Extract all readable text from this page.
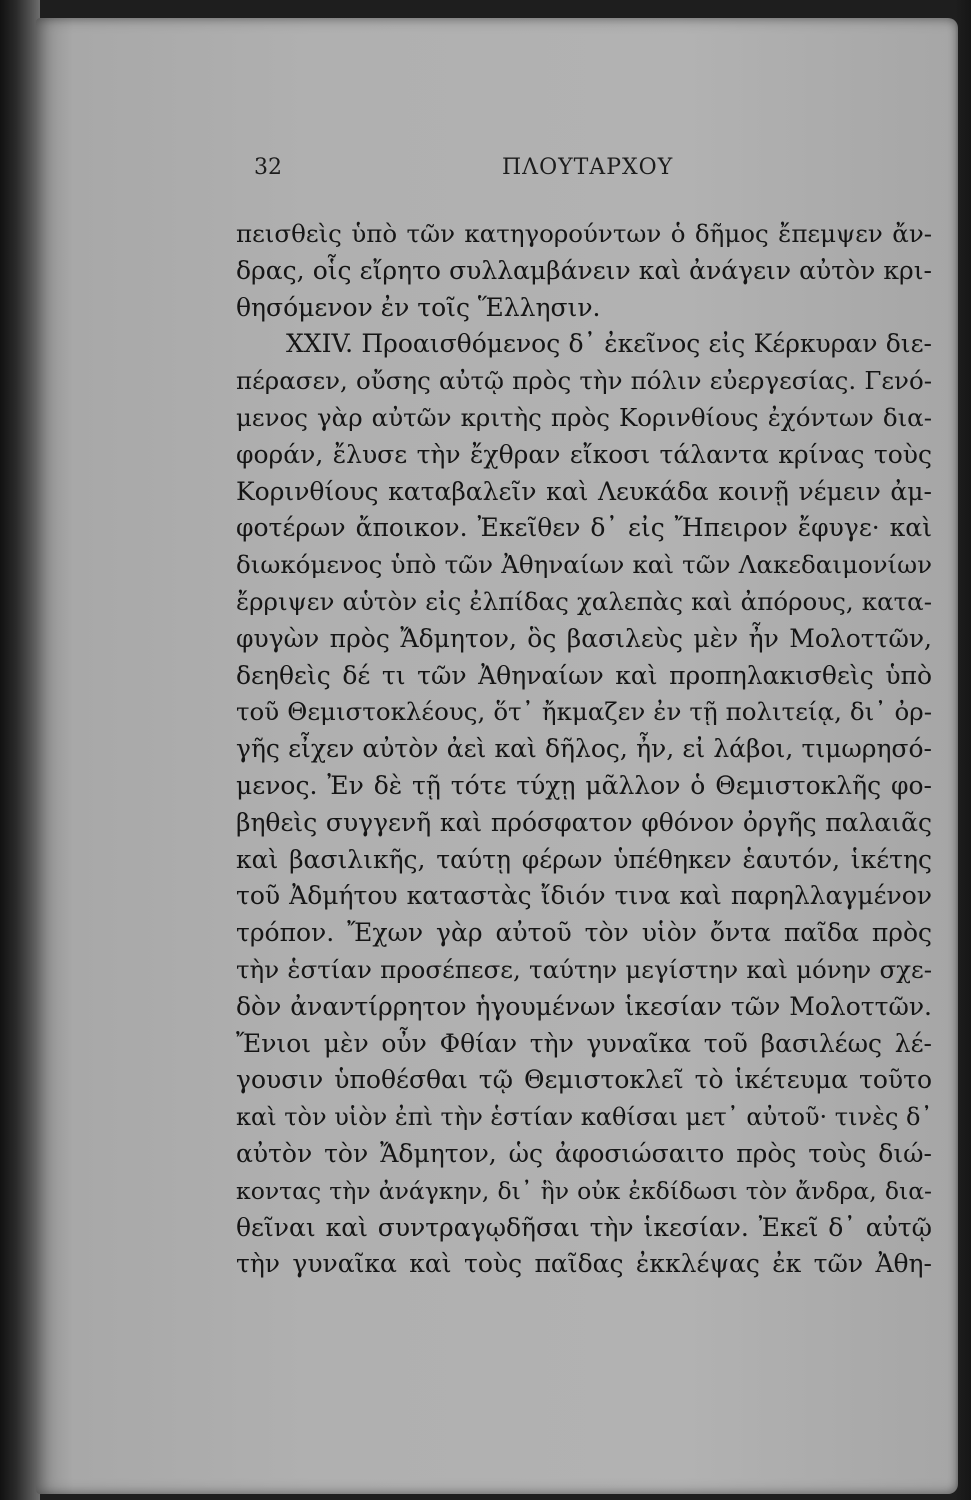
32	ΠΛΟΥΤΑΡΧΟΥ
πεισθεὶς ὑπὸ τῶν κατηγορούντων ὁ δῆμος ἔπεμψεν ἄν-
δρας, οἷς εἴρητο συλλαμβάνειν καὶ ἀνάγειν αὐτὸν κρι-
θησόμενον ἐν τοῖς Ἕλλησιν.
XXIV. Προαισθόμενος δ᾽ ἐκεῖνος εἰς Κέρκυραν διε-
πέρασεν, οὔσης αὐτῷ πρὸς τὴν πόλιν εὐεργεσίας. Γενό-
μενος γὰρ αὐτῶν κριτὴς πρὸς Κορινθίους ἐχόντων δια-
φοράν, ἔλυσε τὴν ἔχθραν εἴκοσι τάλαντα κρίνας τοὺς
Κορινθίους καταβαλεῖν καὶ Λευκάδα κοινῇ νέμειν ἀμ-
φοτέρων ἄποικον. Ἐκεῖθεν δ᾽ εἰς Ἤπειρον ἔφυγε· καὶ
διωκόμενος ὑπὸ τῶν Ἀθηναίων καὶ τῶν Λακεδαιμονίων
ἔρριψεν αὑτὸν εἰς ἐλπίδας χαλεπὰς καὶ ἀπόρους, κατα-
φυγὼν πρὸς Ἄδμητον, ὃς βασιλεὺς μὲν ἦν Μολοττῶν,
δεηθεὶς δέ τι τῶν Ἀθηναίων καὶ προπηλακισθεὶς ὑπὸ
τοῦ Θεμιστοκλέους, ὅτ᾽ ἤκμαζεν ἐν τῇ πολιτείᾳ, δι᾽ ὀρ-
γῆς εἶχεν αὐτὸν ἀεὶ καὶ δῆλος, ἦν, εἰ λάβοι, τιμωρησό-
μενος. Ἐν δὲ τῇ τότε τύχῃ μᾶλλον ὁ Θεμιστοκλῆς φο-
βηθεὶς συγγενῆ καὶ πρόσφατον φθόνον ὀργῆς παλαιᾶς
καὶ βασιλικῆς, ταύτῃ φέρων ὑπέθηκεν ἑαυτόν, ἱκέτης
τοῦ Ἀδμήτου καταστὰς ἴδιόν τινα καὶ παρηλλαγμένον
τρόπον. Ἔχων γὰρ αὐτοῦ τὸν υἱὸν ὄντα παῖδα πρὸς
τὴν ἑστίαν προσέπεσε, ταύτην μεγίστην καὶ μόνην σχε-
δὸν ἀναντίρρητον ἡγουμένων ἱκεσίαν τῶν Μολοττῶν.
Ἔνιοι μὲν οὖν Φθίαν τὴν γυναῖκα τοῦ βασιλέως λέ-
γουσιν ὑποθέσθαι τῷ Θεμιστοκλεῖ τὸ ἱκέτευμα τοῦτο
καὶ τὸν υἱὸν ἐπὶ τὴν ἑστίαν καθίσαι μετ᾽ αὐτοῦ· τινὲς δ᾽
αὐτὸν τὸν Ἄδμητον, ὡς ἀφοσιώσαιτο πρὸς τοὺς διώ-
κοντας τὴν ἀνάγκην, δι᾽ ἣν οὐκ ἐκδίδωσι τὸν ἄνδρα, δια-
θεῖναι καὶ συντραγῳδῆσαι τὴν ἱκεσίαν. Ἐκεῖ δ᾽ αὐτῷ
τὴν γυναῖκα καὶ τοὺς παῖδας ἐκκλέψας ἐκ τῶν Ἀθη-
